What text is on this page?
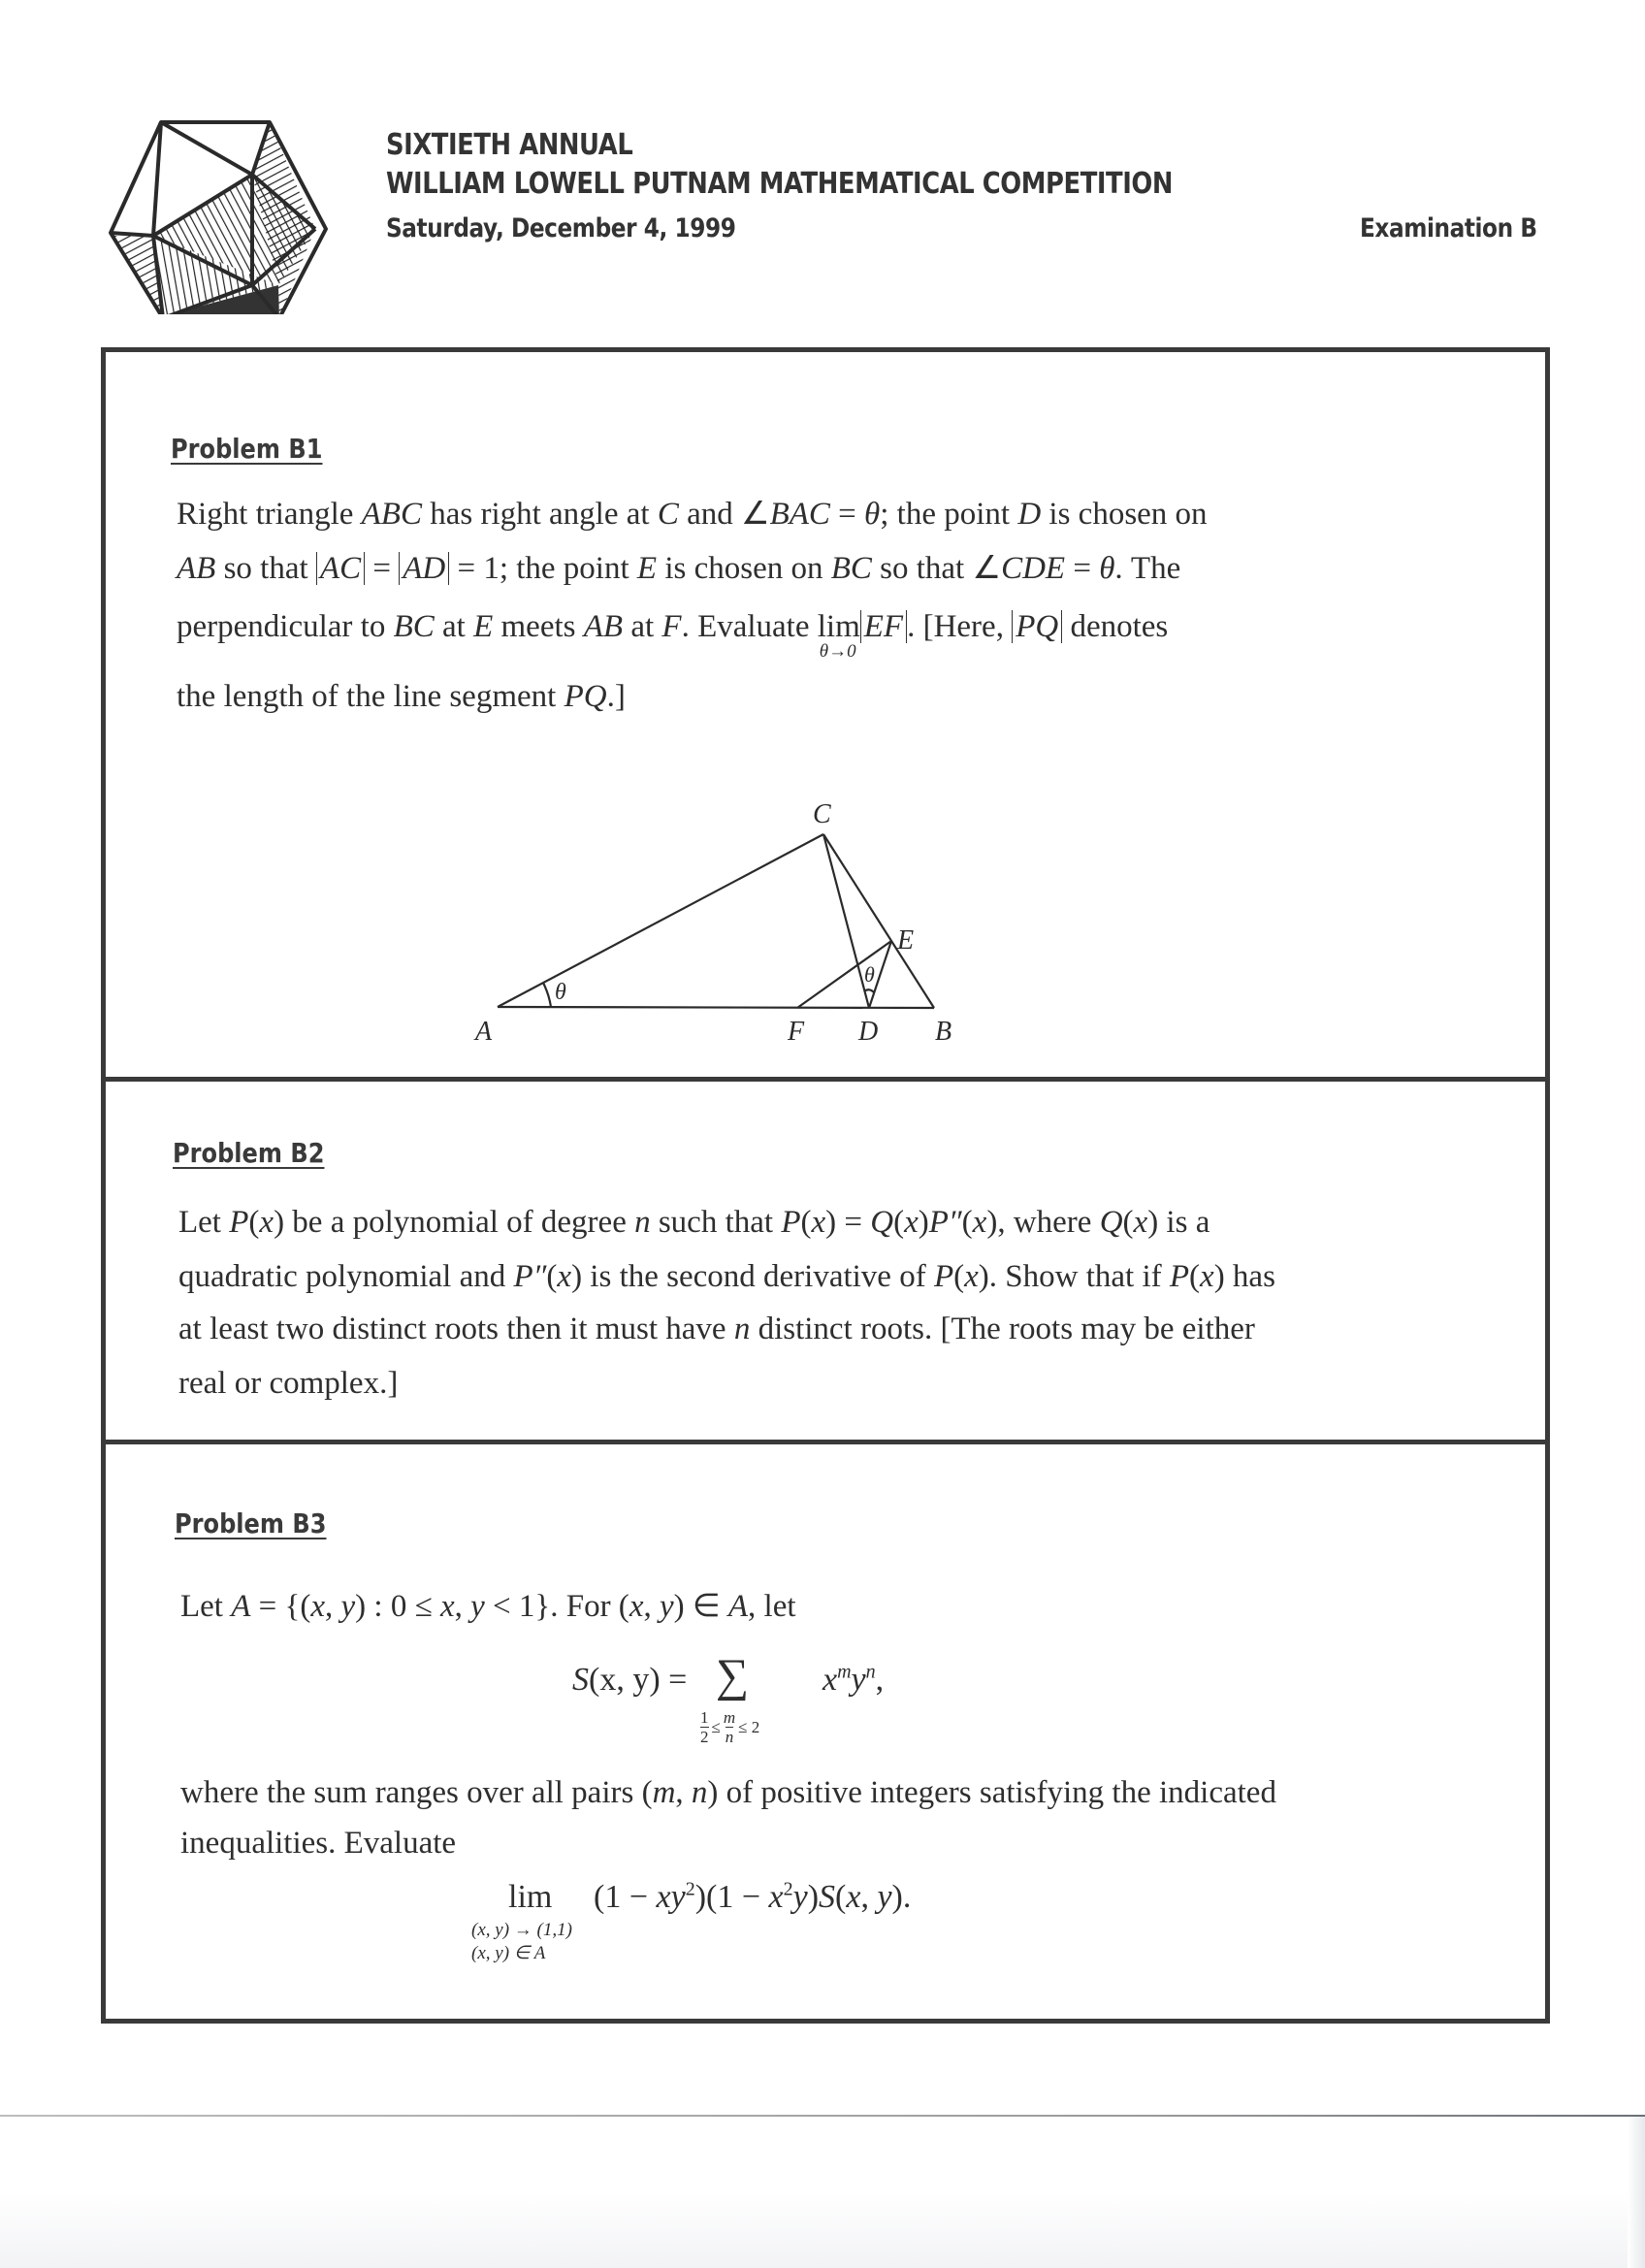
SIXTIETH ANNUAL
WILLIAM LOWELL PUTNAM MATHEMATICAL COMPETITION
Saturday, December 4, 1999	Examination B
Problem B1
Right triangle ABC has right angle at C and ∠BAC = θ; the point D is chosen on
AB so that AC = AD = 1; the point E is chosen on BC so that ∠CDE = θ. The
perpendicular to BC at E meets AB at F. Evaluate lim
θ→0
EF . [Here, PQ denotes
the length of the line segment PQ.]
C
E
A	F D B
θ
θ
Problem B2
Let P(x) be a polynomial of degree n such that P(x) = Q(x)P″(x), where Q(x) is a
quadratic polynomial and P″(x) is the second derivative of P(x). Show that if P(x) has
at least two distinct roots then it must have n distinct roots. [The roots may be either
real or complex.]
Problem B3
Let A = {(x, y) : 0 ≤ x, y < 1}. For (x, y) ∈ A, let
S(x, y) = ∑ $x^my^n$,
$\frac{1}{2} \le \frac{m}{n} \le 2$
where the sum ranges over all pairs (m, n) of positive integers satisfying the indicated
inequalities. Evaluate
lim
(x, y) → (1,1)
(x, y) ∈ A
$(1 - xy^2)(1 - x^2y)S(x$, y).
